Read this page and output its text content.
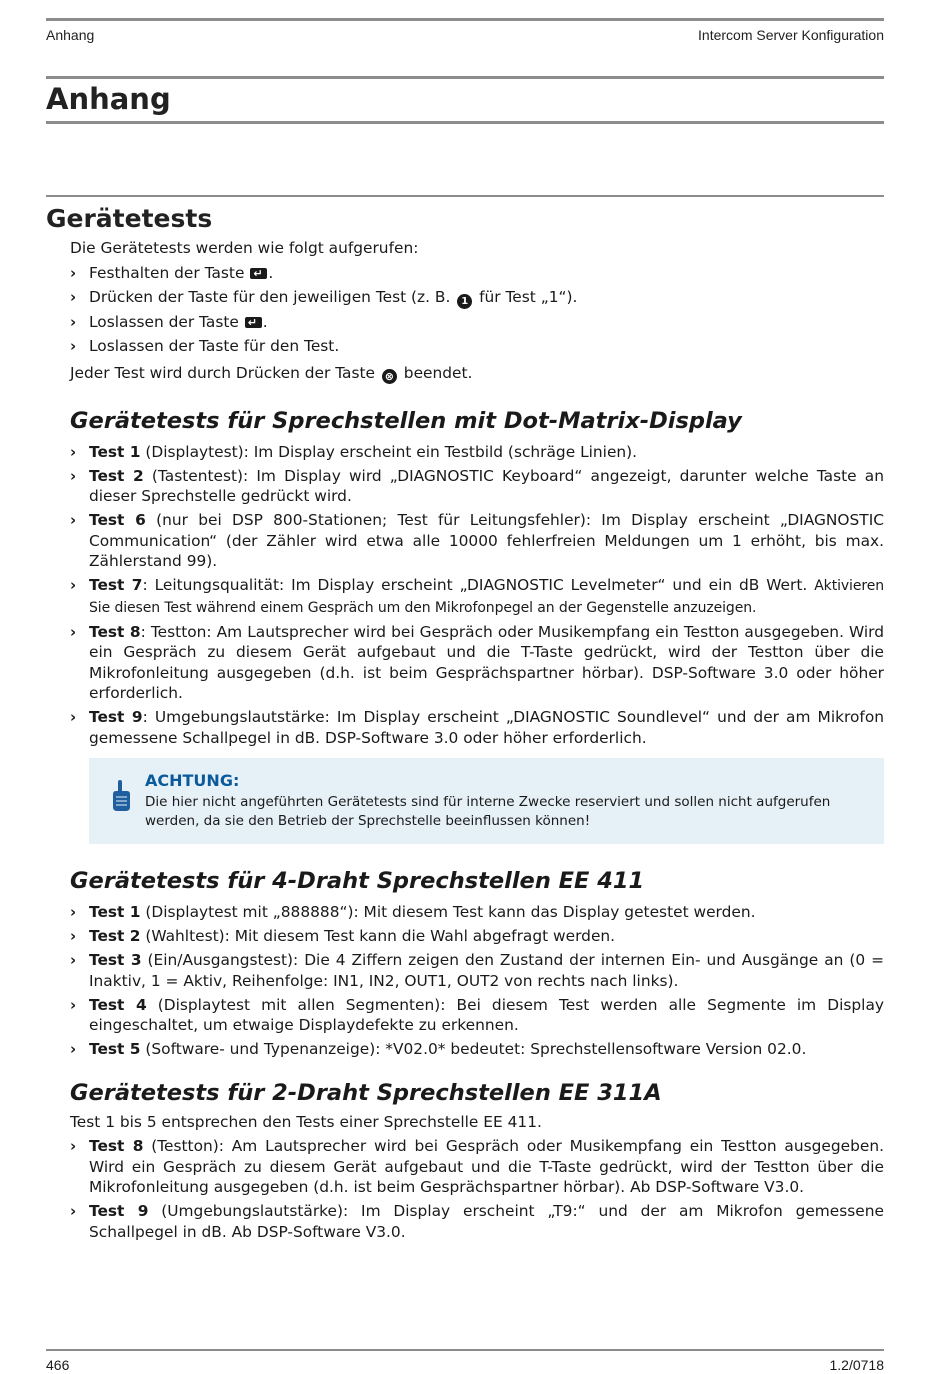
Anhang	Intercom Server Konfiguration
Anhang
Gerätetests

Die Gerätetests werden wie folgt aufgerufen:

› Festhalten der Taste ↵.
› Drücken der Taste für den jeweiligen Test (z. B. 1 für Test „1“).
› Loslassen der Taste ↵.
› Loslassen der Taste für den Test.

Jeder Test wird durch Drücken der Taste ⊗ beendet.

Gerätetests für Sprechstellen mit Dot-Matrix-Display
› Test 1 (Displaytest): Im Display erscheint ein Testbild (schräge Linien).
› Test 2 (Tastentest): Im Display wird „DIAGNOSTIC Keyboard“ angezeigt, darunter welche Taste an dieser Sprechstelle gedrückt wird.
› Test 6 (nur bei DSP 800-Stationen; Test für Leitungsfehler): Im Display erscheint „DIAGNOSTIC Communication“ (der Zähler wird etwa alle 10000 fehlerfreien Meldungen um 1 erhöht, bis max. Zählerstand 99).
› Test 7: Leitungsqualität: Im Display erscheint „DIAGNOSTIC Levelmeter“ und ein dB Wert. Aktivieren Sie diesen Test während einem Gespräch um den Mikrofonpegel an der Gegenstelle anzuzeigen.
› Test 8: Testton: Am Lautsprecher wird bei Gespräch oder Musikempfang ein Testton ausgegeben. Wird ein Gespräch zu diesem Gerät aufgebaut und die T-Taste gedrückt, wird der Testton über die Mikrofonleitung ausgegeben (d.h. ist beim Gesprächspartner hörbar). DSP-Software 3.0 oder höher erforderlich.
› Test 9: Umgebungslautstärke: Im Display erscheint „DIAGNOSTIC Soundlevel“ und der am Mikrofon gemessene Schallpegel in dB. DSP-Software 3.0 oder höher erforderlich.
ACHTUNG:
Die hier nicht angeführten Gerätetests sind für interne Zwecke reserviert und sollen nicht aufgerufen werden, da sie den Betrieb der Sprechstelle beeinflussen können!
Gerätetests für 4-Draht Sprechstellen EE 411
› Test 1 (Displaytest mit „888888“): Mit diesem Test kann das Display getestet werden.
› Test 2 (Wahltest): Mit diesem Test kann die Wahl abgefragt werden.
› Test 3 (Ein/Ausgangstest): Die 4 Ziffern zeigen den Zustand der internen Ein- und Ausgänge an (0 = Inaktiv, 1 = Aktiv, Reihenfolge: IN1, IN2, OUT1, OUT2 von rechts nach links).
› Test 4 (Displaytest mit allen Segmenten): Bei diesem Test werden alle Segmente im Display eingeschaltet, um etwaige Displaydefekte zu erkennen.
› Test 5 (Software- und Typenanzeige): *V02.0* bedeutet: Sprechstellensoftware Version 02.0.
Gerätetests für 2-Draht Sprechstellen EE 311A

Test 1 bis 5 entsprechen den Tests einer Sprechstelle EE 411.

› Test 8 (Testton): Am Lautsprecher wird bei Gespräch oder Musikempfang ein Testton ausgegeben. Wird ein Gespräch zu diesem Gerät aufgebaut und die T-Taste gedrückt, wird der Testton über die Mikrofonleitung ausgegeben (d.h. ist beim Gesprächspartner hörbar). Ab DSP-Software V3.0.
› Test 9 (Umgebungslautstärke): Im Display erscheint „T9:“ und der am Mikrofon gemessene Schallpegel in dB. Ab DSP-Software V3.0.
466	1.2/0718
